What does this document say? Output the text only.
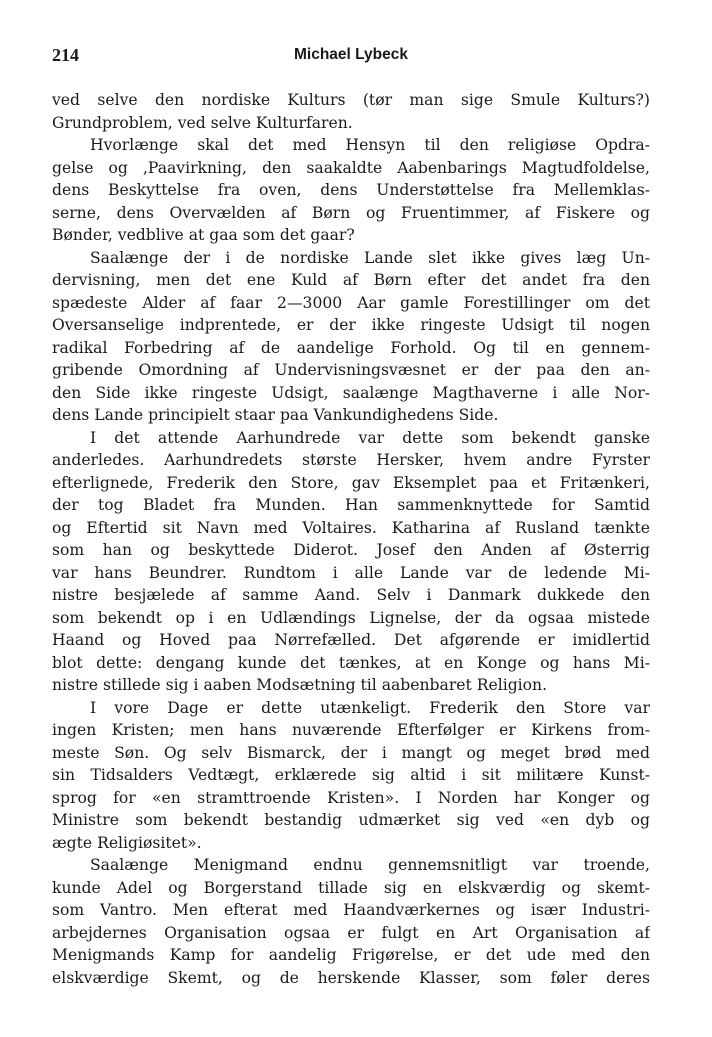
214	Michael Lybeck
ved selve den nordiske Kulturs (tør man sige Smule Kulturs?)
Grundproblem, ved selve Kulturfaren.
Hvorlænge skal det med Hensyn til den religiøse Opdra-
gelse og ,Paavirkning, den saakaldte Aabenbarings Magtudfoldelse,
dens Beskyttelse fra oven, dens Understøttelse fra Mellemklas-
serne, dens Overvælden af Børn og Fruentimmer, af Fiskere og
Bønder, vedblive at gaa som det gaar?
Saalænge der i de nordiske Lande slet ikke gives læg Un-
dervisning, men det ene Kuld af Børn efter det andet fra den
spædeste Alder af faar 2—3000 Aar gamle Forestillinger om det
Oversanselige indprentede, er der ikke ringeste Udsigt til nogen
radikal Forbedring af de aandelige Forhold. Og til en gennem-
gribende Omordning af Undervisningsvæsnet er der paa den an-
den Side ikke ringeste Udsigt, saalænge Magthaverne i alle Nor-
dens Lande principielt staar paa Vankundighedens Side.
I det attende Aarhundrede var dette som bekendt ganske
anderledes. Aarhundredets største Hersker, hvem andre Fyrster
efterlignede, Frederik den Store, gav Eksemplet paa et Fritænkeri,
der tog Bladet fra Munden. Han sammenknyttede for Samtid
og Eftertid sit Navn med Voltaires. Katharina af Rusland tænkte
som han og beskyttede Diderot. Josef den Anden af Østerrig
var hans Beundrer. Rundtom i alle Lande var de ledende Mi-
nistre besjælede af samme Aand. Selv i Danmark dukkede den
som bekendt op i en Udlændings Lignelse, der da ogsaa mistede
Haand og Hoved paa Nørrefælled. Det afgørende er imidlertid
blot dette: dengang kunde det tænkes, at en Konge og hans Mi-
nistre stillede sig i aaben Modsætning til aabenbaret Religion.
I vore Dage er dette utænkeligt. Frederik den Store var
ingen Kristen; men hans nuværende Efterfølger er Kirkens from-
meste Søn. Og selv Bismarck, der i mangt og meget brød med
sin Tidsalders Vedtægt, erklærede sig altid i sit militære Kunst-
sprog for «en stramttroende Kristen». I Norden har Konger og
Ministre som bekendt bestandig udmærket sig ved «en dyb og
ægte Religiøsitet».
Saalænge Menigmand endnu gennemsnitligt var troende,
kunde Adel og Borgerstand tillade sig en elskværdig og skemt-
som Vantro. Men efterat med Haandværkernes og især Industri-
arbejdernes Organisation ogsaa er fulgt en Art Organisation af
Menigmands Kamp for aandelig Frigørelse, er det ude med den
elskværdige Skemt, og de herskende Klasser, som føler deres
